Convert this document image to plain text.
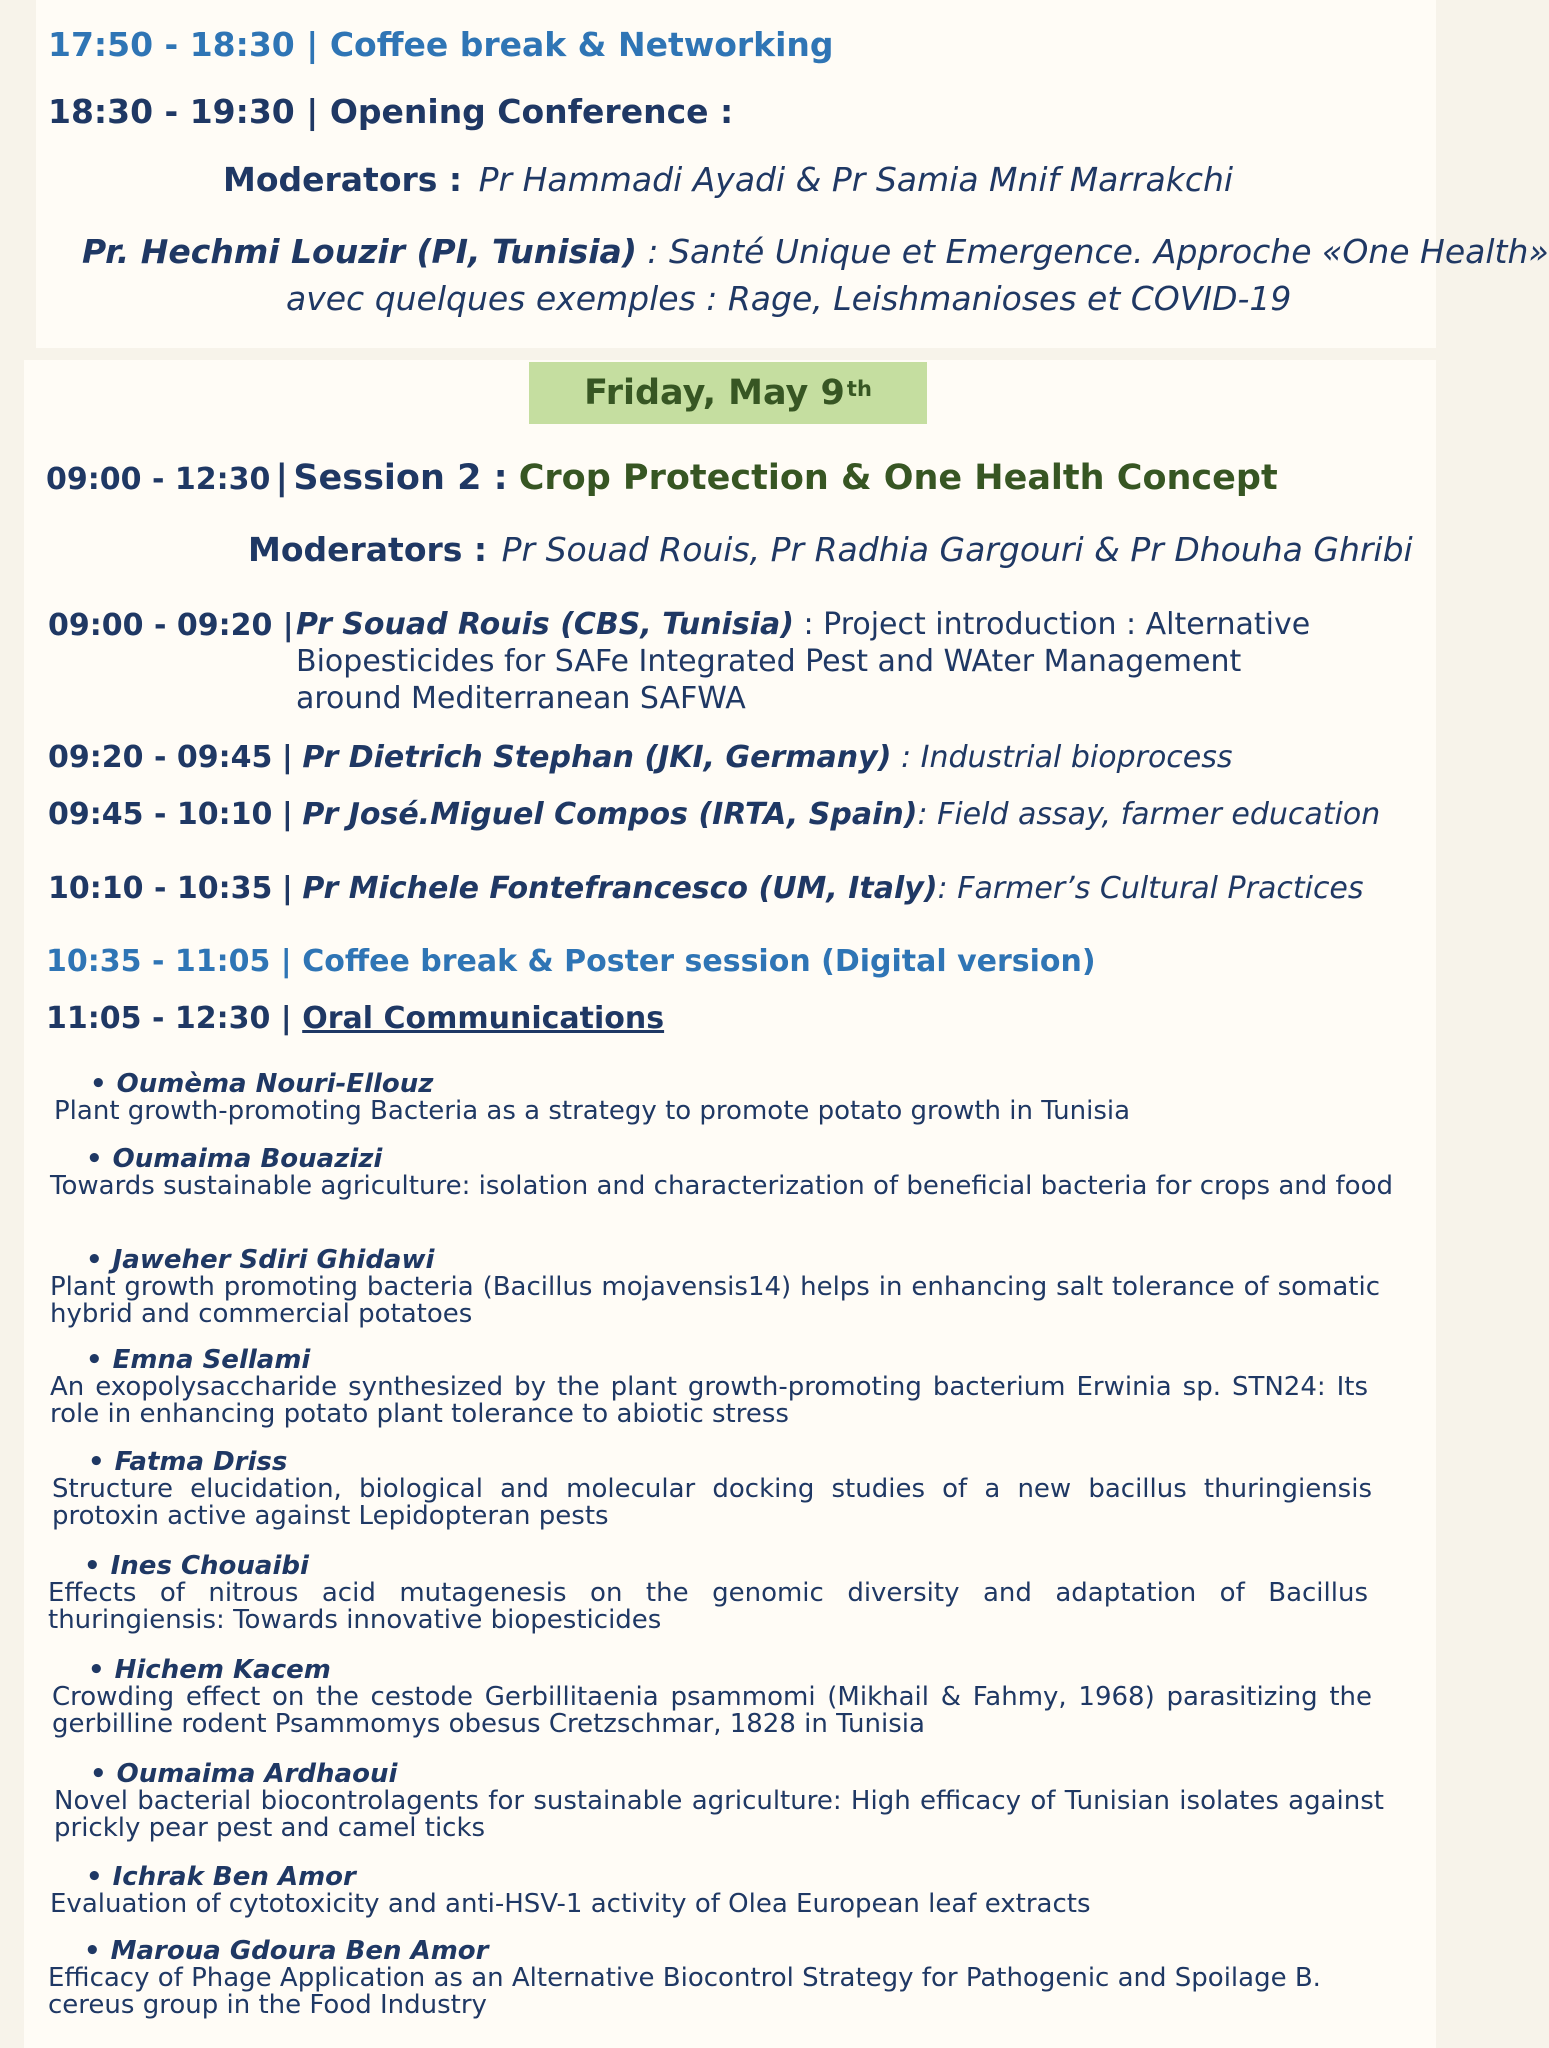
17:50 - 18:30 | Coffee break & Networking
18:30 - 19:30 | Opening Conference :
Moderators : Pr Hammadi Ayadi & Pr Samia Mnif Marrakchi
Pr. Hechmi Louzir (PI, Tunisia) : Santé Unique et Emergence. Approche «One Health»
avec quelques exemples : Rage, Leishmanioses et COVID-19
Friday, May 9th
09:00 - 12:30 | Session 2 : Crop Protection & One Health Concept
Moderators : Pr Souad Rouis, Pr Radhia Gargouri & Pr Dhouha Ghribi
09:00 - 09:20 | Pr Souad Rouis (CBS, Tunisia) : Project introduction : Alternative Biopesticides for SAFe Integrated Pest and WAter Management around Mediterranean SAFWA
09:20 - 09:45 | Pr Dietrich Stephan (JKI, Germany) : Industrial bioprocess
09:45 - 10:10 | Pr José.Miguel Compos (IRTA, Spain): Field assay, farmer education
10:10 - 10:35 | Pr Michele Fontefrancesco (UM, Italy): Farmer’s Cultural Practices
10:35 - 11:05 | Coffee break & Poster session (Digital version)
11:05 - 12:30 | Oral Communications
• Oumèma Nouri-Ellouz
Plant growth-promoting Bacteria as a strategy to promote potato growth in Tunisia
• Oumaima Bouazizi
Towards sustainable agriculture: isolation and characterization of beneficial bacteria for crops and food
• Jaweher Sdiri Ghidawi
Plant growth promoting bacteria (Bacillus mojavensis14) helps in enhancing salt tolerance of somatic hybrid and commercial potatoes
• Emna Sellami
An exopolysaccharide synthesized by the plant growth-promoting bacterium Erwinia sp. STN24: Its role in enhancing potato plant tolerance to abiotic stress
• Fatma Driss
Structure elucidation, biological and molecular docking studies of a new bacillus thuringiensis protoxin active against Lepidopteran pests
• Ines Chouaibi
Effects of nitrous acid mutagenesis on the genomic diversity and adaptation of Bacillus thuringiensis: Towards innovative biopesticides
• Hichem Kacem
Crowding effect on the cestode Gerbillitaenia psammomi (Mikhail & Fahmy, 1968) parasitizing the gerbilline rodent Psammomys obesus Cretzschmar, 1828 in Tunisia
• Oumaima Ardhaoui
Novel bacterial biocontrolagents for sustainable agriculture: High efficacy of Tunisian isolates against prickly pear pest and camel ticks
• Ichrak Ben Amor
Evaluation of cytotoxicity and anti-HSV-1 activity of Olea European leaf extracts
• Maroua Gdoura Ben Amor
Efficacy of Phage Application as an Alternative Biocontrol Strategy for Pathogenic and Spoilage B. cereus group in the Food Industry
